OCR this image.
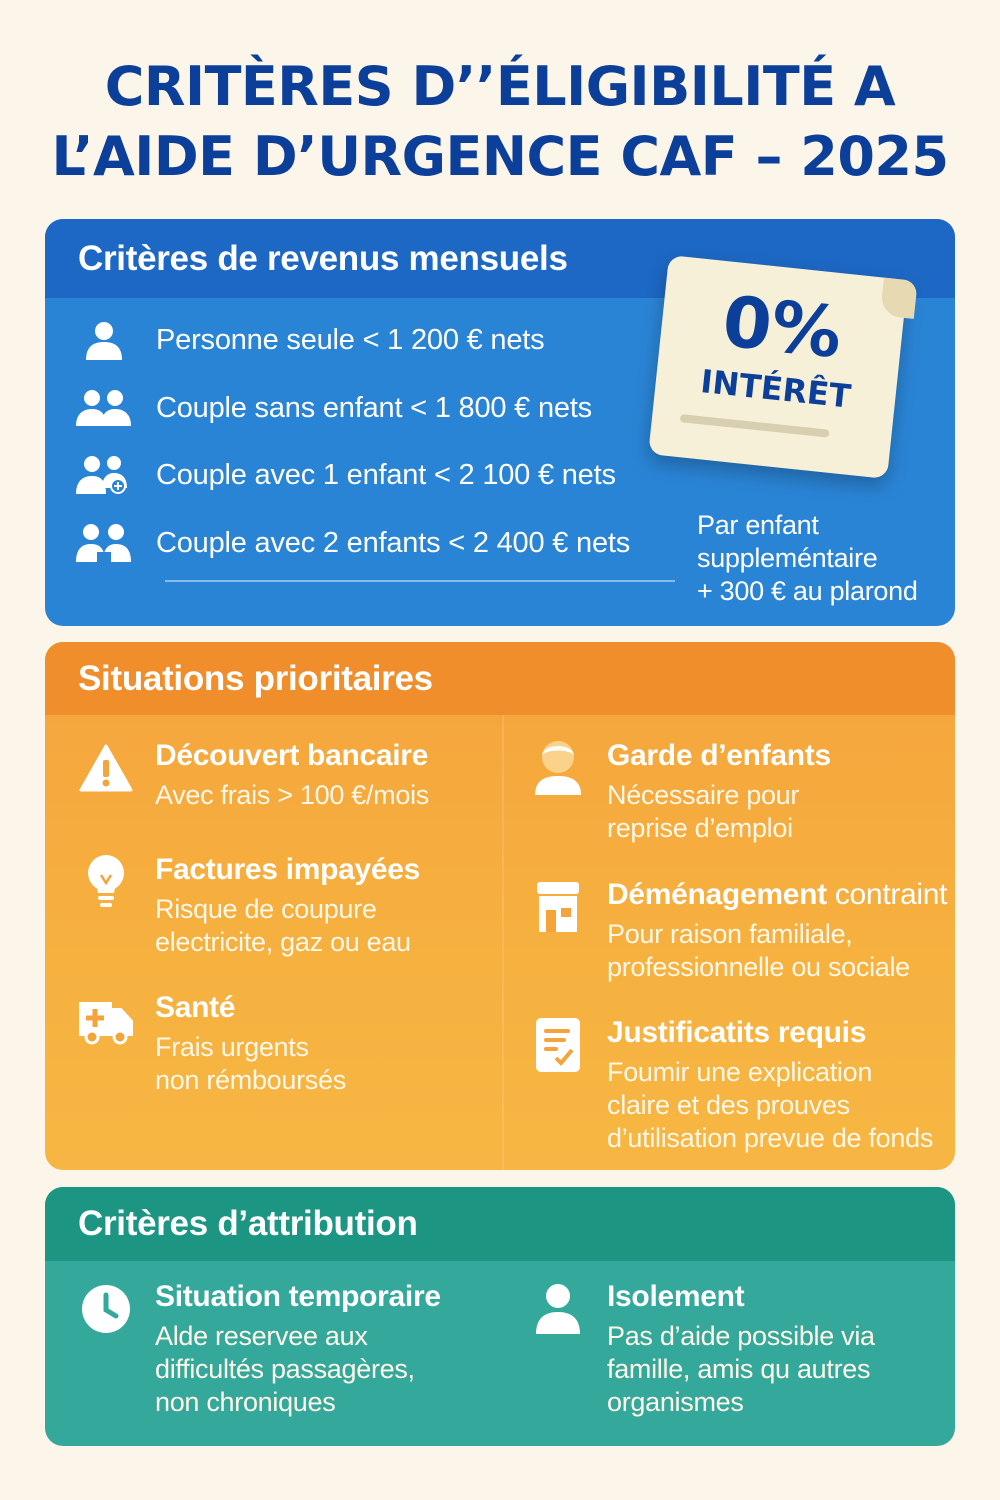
CRITÈRES D’’ÉLIGIBILITÉ A
L’AIDE D’URGENCE CAF – 2025
Critères de revenus mensuels
Personne seule < 1 200 € nets
Couple sans enfant < 1 800 € nets
Couple avec 1 enfant < 2 100 € nets
Couple avec 2 enfants < 2 400 € nets
Par enfant
suppleméntaire
+ 300 € au plarond
0%
INTÉRÊT
Situations prioritaires
Découvert bancaire
Avec frais > 100 €/mois
Factures impayées
Risque de coupure
electricite, gaz ou eau
Santé
Frais urgents
non rémboursés
Garde d’enfants
Nécessaire pour
reprise d’emploi
Déménagement contraint
Pour raison familiale,
professionnelle ou sociale
Justificatits requis
Foumir une explication
claire et des prouves
d’utilisation prevue de fonds
Critères d’attribution
Situation temporaire
Alde reservee aux
difficultés passagères,
non chroniques
Isolement
Pas d’aide possible via
famille, amis qu autres
organismes
